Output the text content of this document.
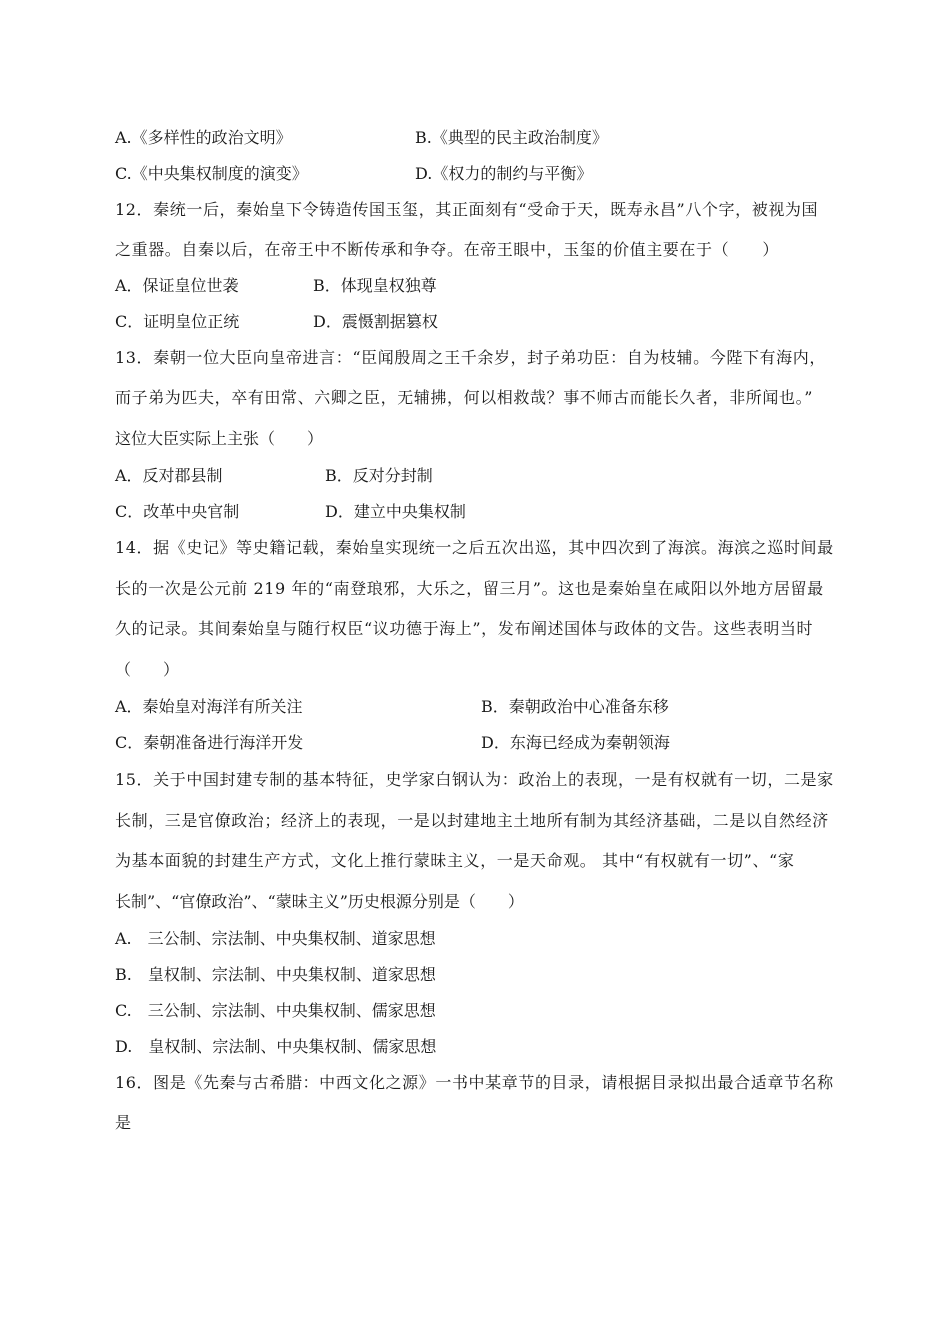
A.《多样性的政治文明》	B.《典型的民主政治制度》
C.《中央集权制度的演变》	D.《权力的制约与平衡》
12．秦统一后，秦始皇下令铸造传国玉玺，其正面刻有“受命于天，既寿永昌”八个字，被视为国
之重器。自秦以后，在帝王中不断传承和争夺。在帝王眼中，玉玺的价值主要在于（　　）
A．保证皇位世袭	B．体现皇权独尊
C．证明皇位正统	D．震慑割据篡权
13．秦朝一位大臣向皇帝进言：“臣闻殷周之王千余岁，封子弟功臣：自为枝辅。今陛下有海内，
而子弟为匹夫，卒有田常、六卿之臣，无辅拂，何以相救哉？事不师古而能长久者，非所闻也。”
这位大臣实际上主张（　　）
A．反对郡县制	B．反对分封制
C．改革中央官制	D．建立中央集权制
14．据《史记》等史籍记载，秦始皇实现统一之后五次出巡，其中四次到了海滨。海滨之巡时间最
长的一次是公元前 219 年的“南登琅邪，大乐之，留三月”。这也是秦始皇在咸阳以外地方居留最
久的记录。其间秦始皇与随行权臣“议功德于海上”，发布阐述国体与政体的文告。这些表明当时
（　　）
A．秦始皇对海洋有所关注	B．秦朝政治中心准备东移
C．秦朝准备进行海洋开发	D．东海已经成为秦朝领海
15．关于中国封建专制的基本特征，史学家白钢认为：政治上的表现，一是有权就有一切，二是家
长制，三是官僚政治；经济上的表现，一是以封建地主土地所有制为其经济基础，二是以自然经济
为基本面貌的封建生产方式，文化上推行蒙昧主义，一是天命观。 其中“有权就有一切”、“家
长制”、“官僚政治”、“蒙昧主义”历史根源分别是（　　）
A.　三公制、宗法制、中央集权制、道家思想
B.　皇权制、宗法制、中央集权制、道家思想
C.　三公制、宗法制、中央集权制、儒家思想
D.　皇权制、宗法制、中央集权制、儒家思想
16．图是《先秦与古希腊：中西文化之源》一书中某章节的目录，请根据目录拟出最合适章节名称
是
